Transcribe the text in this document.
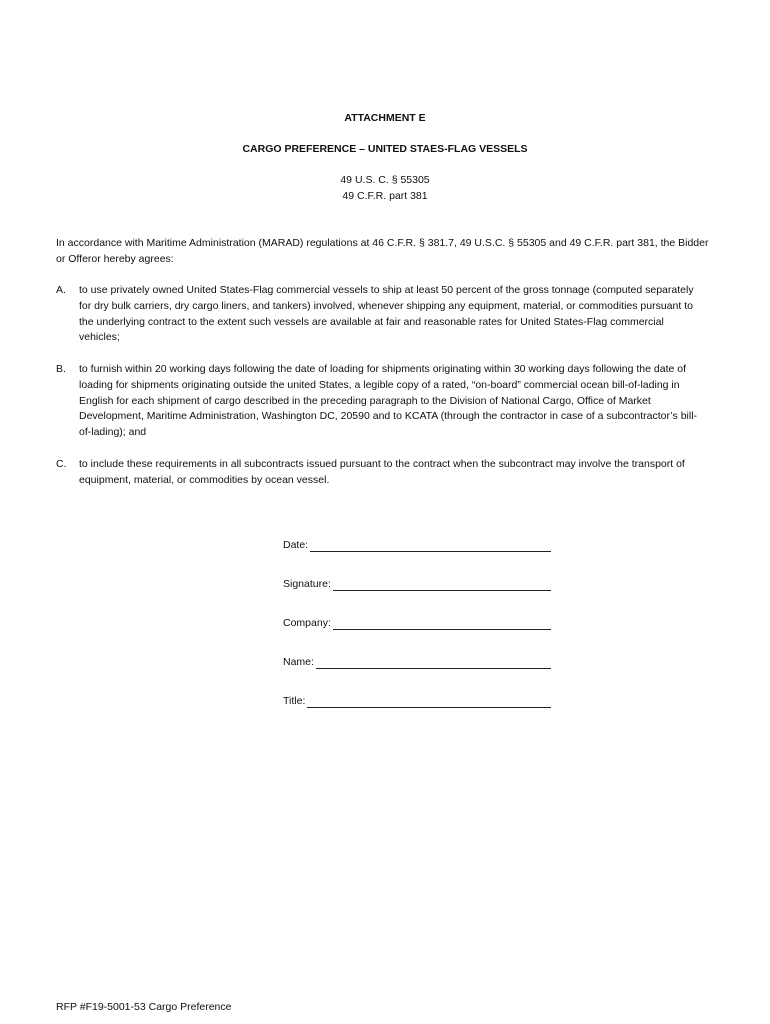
ATTACHMENT E
CARGO PREFERENCE – UNITED STAES-FLAG VESSELS
49 U.S. C. § 55305
49 C.F.R. part 381
In accordance with Maritime Administration (MARAD) regulations at 46 C.F.R. § 381.7, 49 U.S.C. § 55305 and 49 C.F.R. part 381, the Bidder or Offeror hereby agrees:
A.	to use privately owned United States-Flag commercial vessels to ship at least 50 percent of the gross tonnage (computed separately for dry bulk carriers, dry cargo liners, and tankers) involved, whenever shipping any equipment, material, or commodities pursuant to the underlying contract to the extent such vessels are available at fair and reasonable rates for United States-Flag commercial vehicles;
B.	to furnish within 20 working days following the date of loading for shipments originating within 30 working days following the date of loading for shipments originating outside the united States, a legible copy of a rated, “on-board” commercial ocean bill-of-lading in English for each shipment of cargo described in the preceding paragraph to the Division of National Cargo, Office of Market Development, Maritime Administration, Washington DC, 20590 and to KCATA (through the contractor in case of a subcontractor’s bill-of-lading); and
C.	to include these requirements in all subcontracts issued pursuant to the contract when the subcontract may involve the transport of equipment, material, or commodities by ocean vessel.
Date:
Signature:
Company:
Name:
Title:
RFP #F19-5001-53 Cargo Preference
